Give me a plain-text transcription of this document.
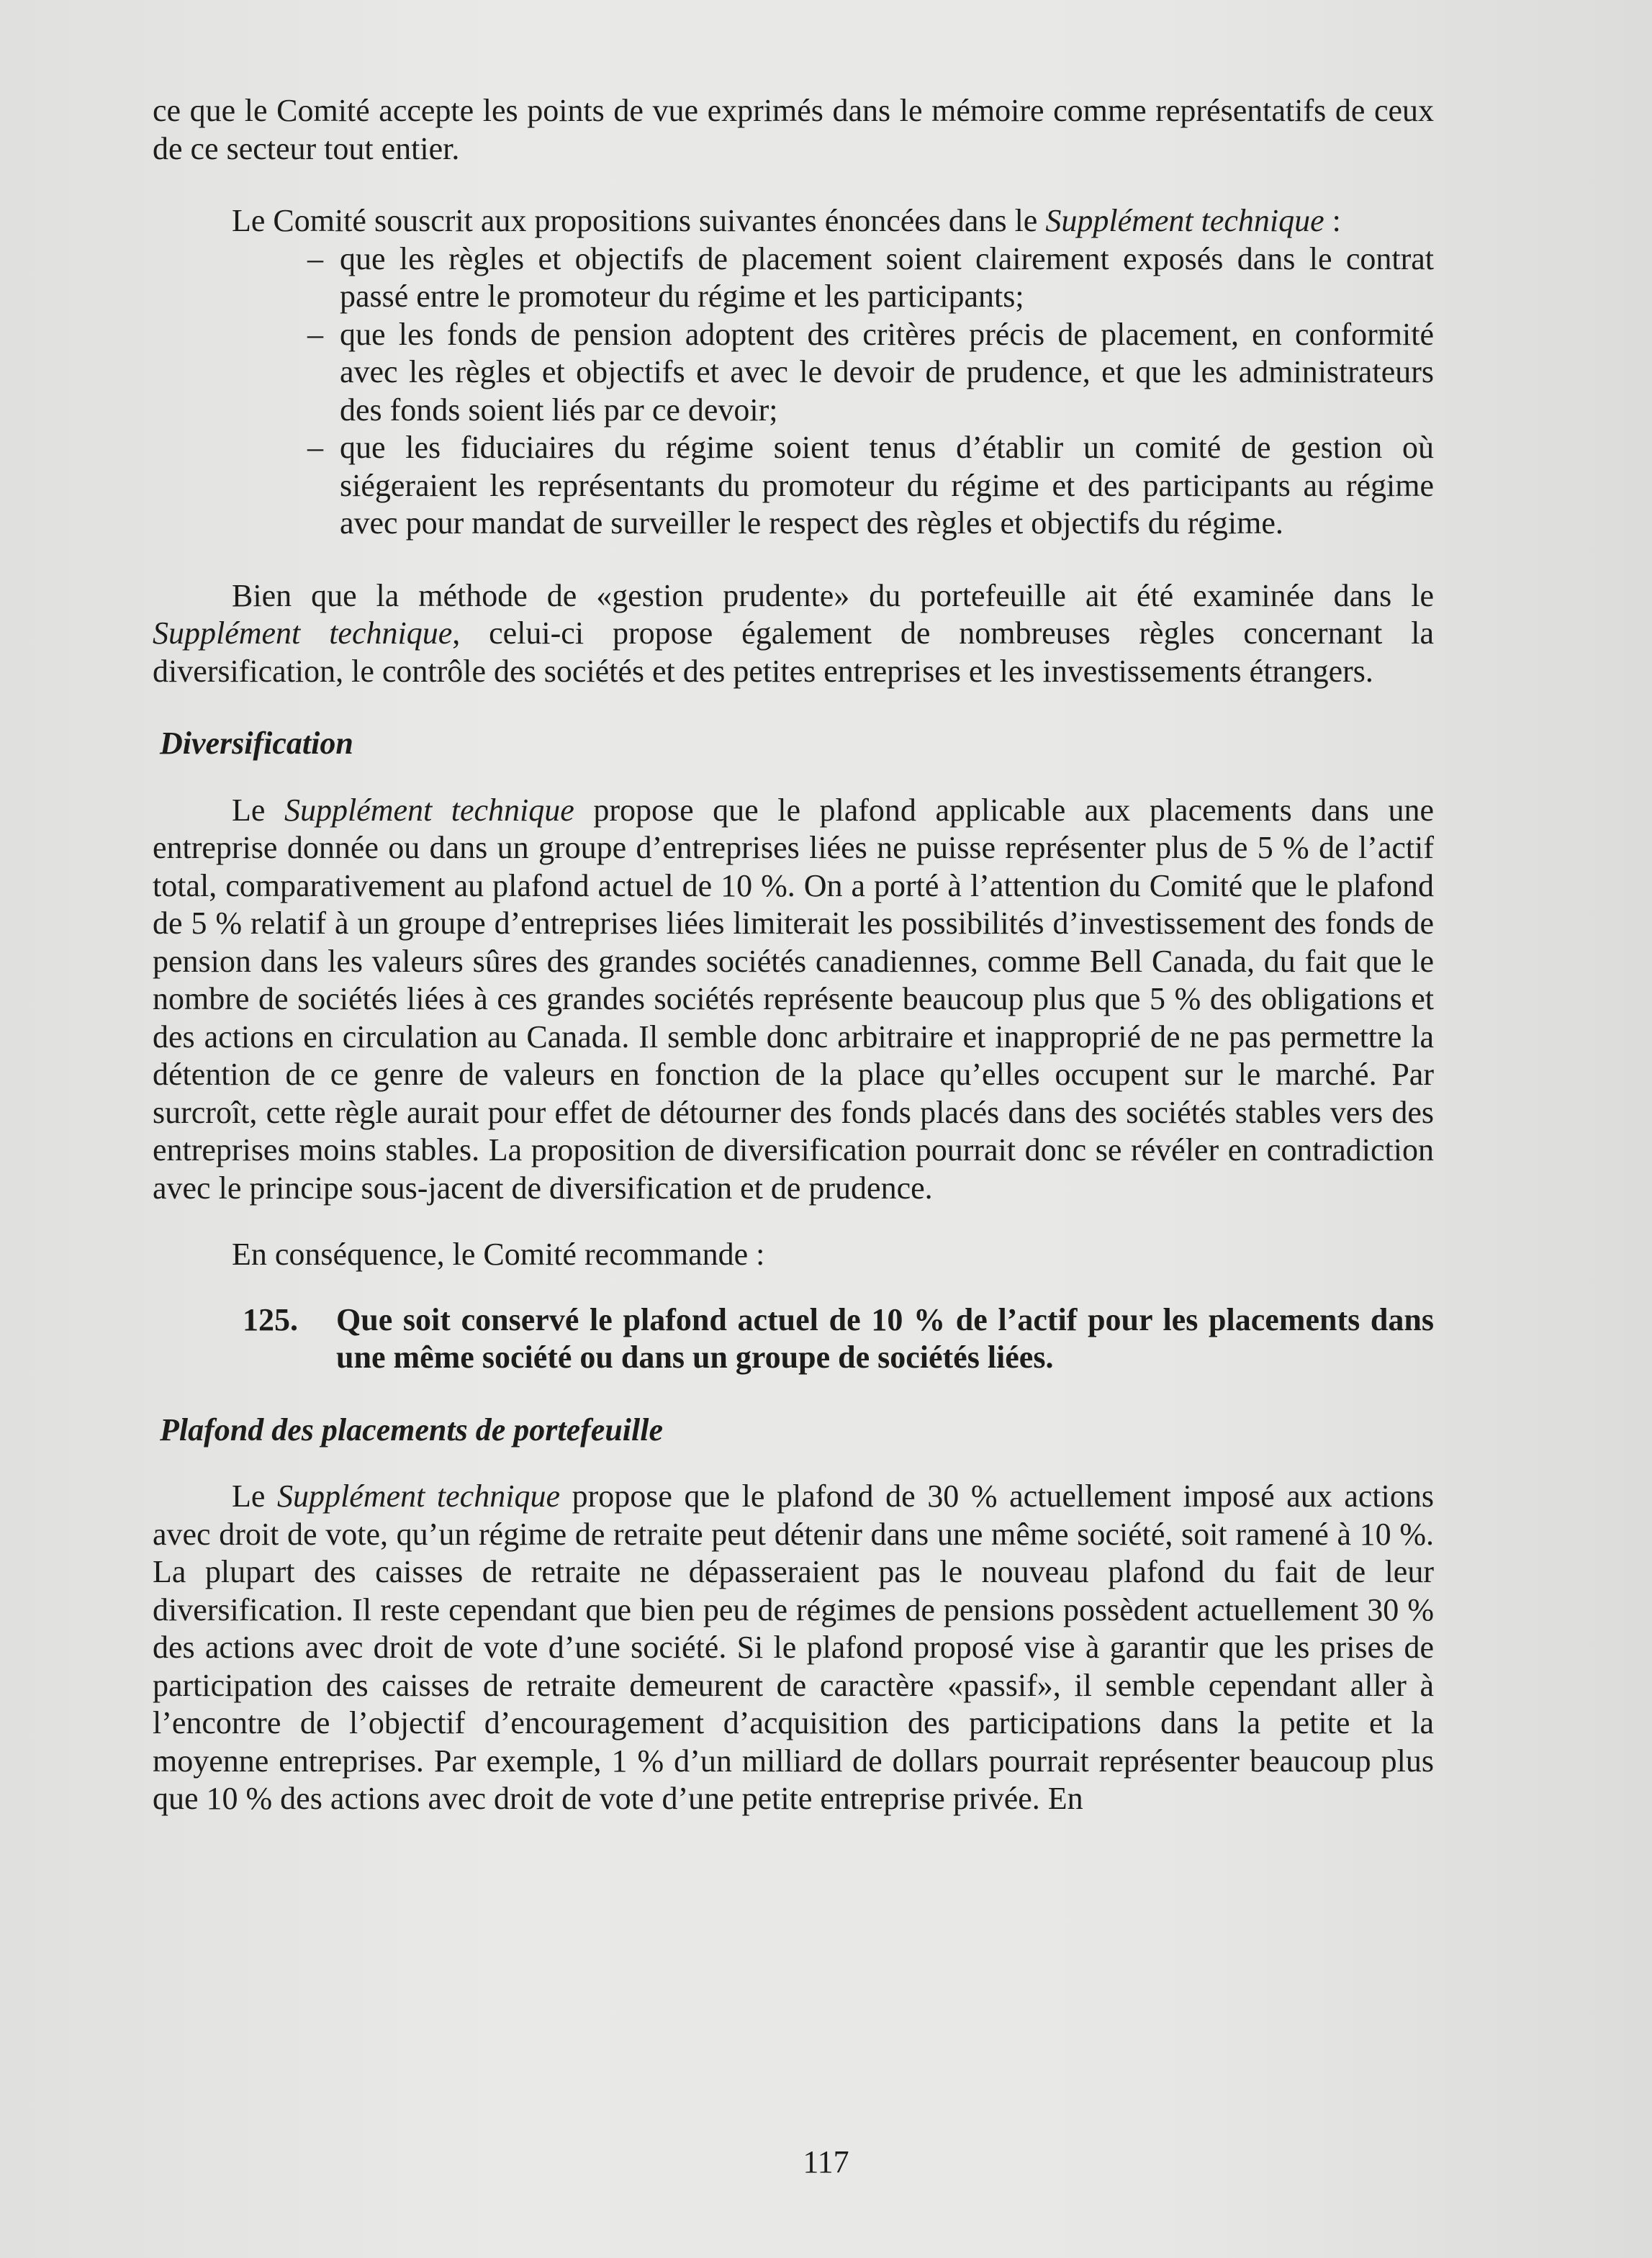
ce que le Comité accepte les points de vue exprimés dans le mémoire comme représentatifs de ceux de ce secteur tout entier.

Le Comité souscrit aux propositions suivantes énoncées dans le Supplément technique :

– que les règles et objectifs de placement soient clairement exposés dans le contrat passé entre le promoteur du régime et les participants;
– que les fonds de pension adoptent des critères précis de placement, en conformité avec les règles et objectifs et avec le devoir de prudence, et que les administrateurs des fonds soient liés par ce devoir;
– que les fiduciaires du régime soient tenus d’établir un comité de gestion où siégeraient les représentants du promoteur du régime et des participants au régime avec pour mandat de surveiller le respect des règles et objectifs du régime.

Bien que la méthode de «gestion prudente» du portefeuille ait été examinée dans le Supplément technique, celui-ci propose également de nombreuses règles concernant la diversification, le contrôle des sociétés et des petites entreprises et les investissements étrangers.

Diversification

Le Supplément technique propose que le plafond applicable aux placements dans une entreprise donnée ou dans un groupe d’entreprises liées ne puisse représenter plus de 5 % de l’actif total, comparativement au plafond actuel de 10 %. On a porté à l’attention du Comité que le plafond de 5 % relatif à un groupe d’entreprises liées limiterait les possibilités d’investissement des fonds de pension dans les valeurs sûres des grandes sociétés canadiennes, comme Bell Canada, du fait que le nombre de sociétés liées à ces grandes sociétés représente beaucoup plus que 5 % des obligations et des actions en circulation au Canada. Il semble donc arbitraire et inapproprié de ne pas permettre la détention de ce genre de valeurs en fonction de la place qu’elles occupent sur le marché. Par surcroît, cette règle aurait pour effet de détourner des fonds placés dans des sociétés stables vers des entreprises moins stables. La proposition de diversification pourrait donc se révéler en contradiction avec le principe sous-jacent de diversification et de prudence.

En conséquence, le Comité recommande :

125.	Que soit conservé le plafond actuel de 10 % de l’actif pour les placements dans une même société ou dans un groupe de sociétés liées.
Plafond des placements de portefeuille

Le Supplément technique propose que le plafond de 30 % actuellement imposé aux actions avec droit de vote, qu’un régime de retraite peut détenir dans une même société, soit ramené à 10 %. La plupart des caisses de retraite ne dépasseraient pas le nouveau plafond du fait de leur diversification. Il reste cependant que bien peu de régimes de pensions possèdent actuellement 30 % des actions avec droit de vote d’une société. Si le plafond proposé vise à garantir que les prises de participation des caisses de retraite demeurent de caractère «passif», il semble cependant aller à l’encontre de l’objectif d’encouragement d’acquisition des participations dans la petite et la moyenne entreprises. Par exemple, 1 % d’un milliard de dollars pourrait représenter beaucoup plus que 10 % des actions avec droit de vote d’une petite entreprise privée. En

117
